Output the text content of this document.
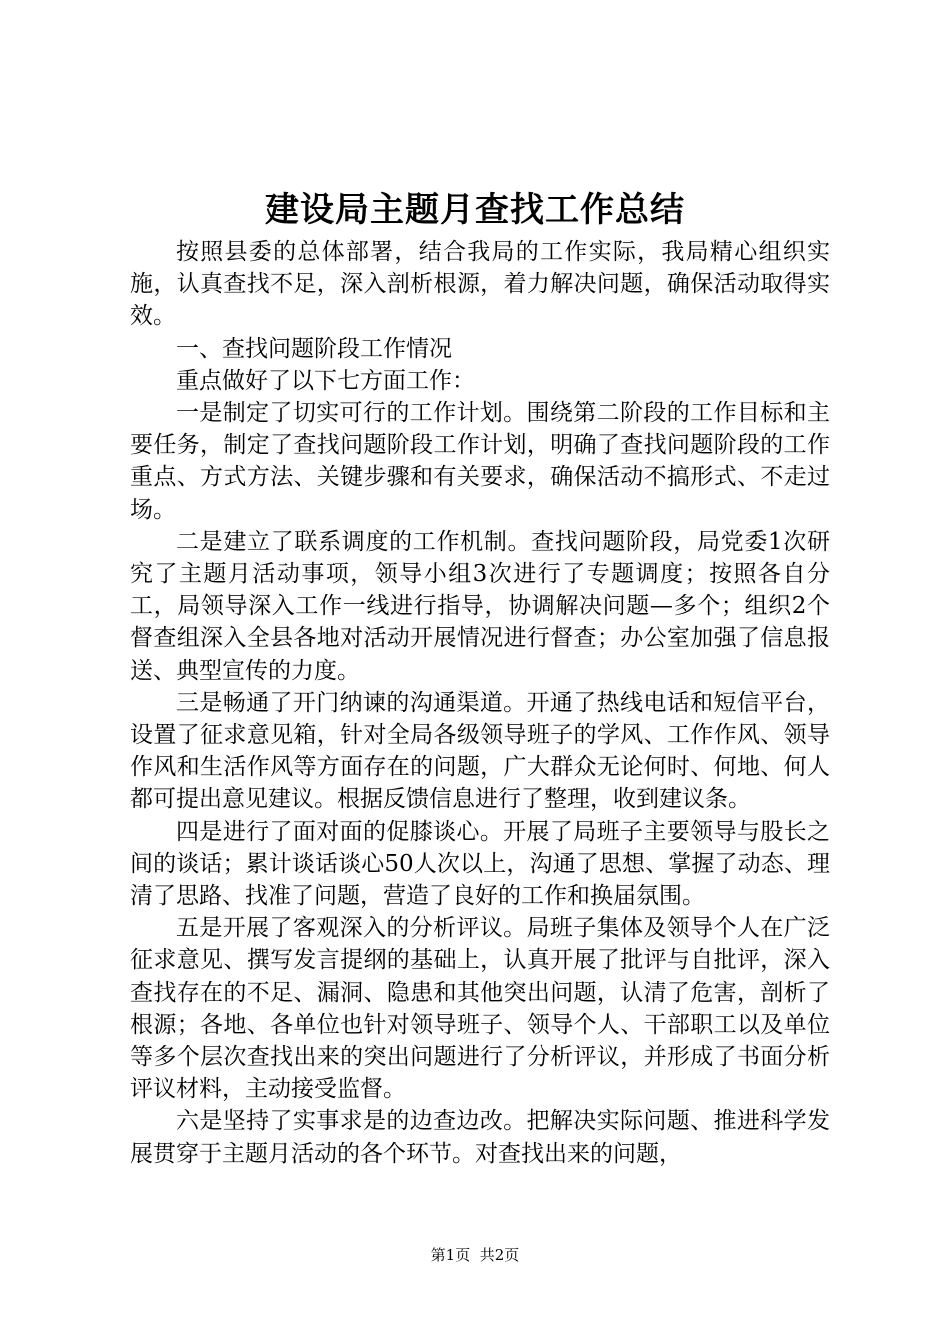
建设局主题月查找工作总结

按照县委的总体部署，结合我局的工作实际，我局精心组织实施，认真查找不足，深入剖析根源，着力解决问题，确保活动取得实效。

一、查找问题阶段工作情况

重点做好了以下七方面工作：

一是制定了切实可行的工作计划。围绕第二阶段的工作目标和主要任务，制定了查找问题阶段工作计划，明确了查找问题阶段的工作重点、方式方法、关键步骤和有关要求，确保活动不搞形式、不走过场。

二是建立了联系调度的工作机制。查找问题阶段，局党委1次研究了主题月活动事项，领导小组3次进行了专题调度；按照各自分工，局领导深入工作一线进行指导，协调解决问题—多个；组织2个督查组深入全县各地对活动开展情况进行督查；办公室加强了信息报送、典型宣传的力度。

三是畅通了开门纳谏的沟通渠道。开通了热线电话和短信平台，设置了征求意见箱，针对全局各级领导班子的学风、工作作风、领导作风和生活作风等方面存在的问题，广大群众无论何时、何地、何人都可提出意见建议。根据反馈信息进行了整理，收到建议条。

四是进行了面对面的促膝谈心。开展了局班子主要领导与股长之间的谈话；累计谈话谈心50人次以上，沟通了思想、掌握了动态、理清了思路、找准了问题，营造了良好的工作和换届氛围。

五是开展了客观深入的分析评议。局班子集体及领导个人在广泛征求意见、撰写发言提纲的基础上，认真开展了批评与自批评，深入查找存在的不足、漏洞、隐患和其他突出问题，认清了危害，剖析了根源；各地、各单位也针对领导班子、领导个人、干部职工以及单位等多个层次查找出来的突出问题进行了分析评议，并形成了书面分析评议材料，主动接受监督。

六是坚持了实事求是的边查边改。把解决实际问题、推进科学发展贯穿于主题月活动的各个环节。对查找出来的问题，

第1页 共2页
